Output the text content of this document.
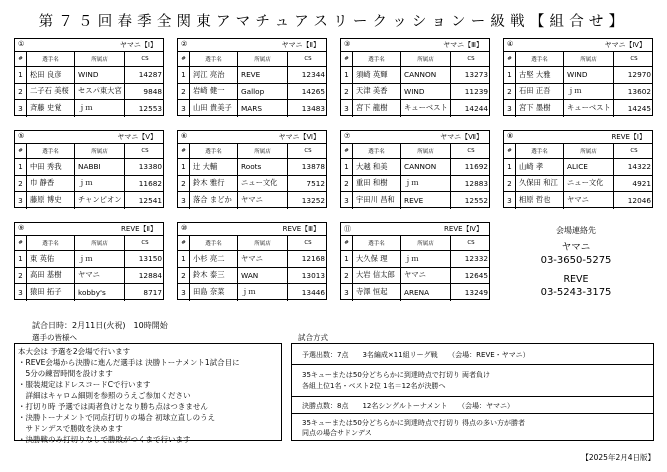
第７５回春季全関東アマチュアスリークッションー級戦【組合せ】
①	ヤマニ【Ⅰ】
#	選手名	所属店	CS
1 松田 良彦	WIND	14287
2 二子石 美桜	セスパ東大宮	9848
3 斉藤 史覚	ｊｍ	12553
②	ヤマニ【Ⅱ】
#	選手名	所属店	CS
1 河江 亮治	REVE	12344
2 岩崎 健一	Gallop	14265
3 山田 貴美子	MARS	13483
③	ヤマニ【Ⅲ】
#	選手名	所属店	CS
1 須崎 英輝	CANNON	13273
2 天津 美香	WIND	11239
3 宮下 龍樹	キューベスト	14244
④	ヤマニ【Ⅳ】
#	選手名	所属店	CS
1 古堅 大雅	WIND	12970
2 石田 正吾	ｊｍ	13602
3 宮下 墨樹	キューベスト	14245
⑤	ヤマニ【Ⅴ】
#	選手名	所属店	CS
1 中田 秀我	NABBI	13380
2 巾 静香	ｊｍ	11682
3 藤原 博史	チャンピオン	12541
⑥	ヤマニ【Ⅵ】
#	選手名	所属店	CS
1 辻 大輔	Roots	13878
2 鈴木 雅行	ニュー文化	7512
3 落合 まどか	ヤマニ	13252
⑦	ヤマニ【Ⅶ】
#	選手名	所属店	CS
1 大越 和美	CANNON	11692
2 重田 和樹	ｊｍ	12883
3 宇田川 昌和	REVE	12552
⑧	REVE【Ⅰ】
#	選手名	所属店	CS
1 山崎 孝	ALICE	14322
2 久保田 和江	ニュー文化	4921
3 相原 哲也	ヤマニ	12046
⑨	REVE【Ⅱ】
#	選手名	所属店	CS
1 東 英佑	ｊｍ	13150
2 高田 基樹	ヤマニ	12884
3 猿田 拓子	kobby's	8717
⑩	REVE【Ⅲ】
#	選手名	所属店	CS
1 小杉 亮二	ヤマニ	12168
2 鈴木 泰三	WAN	13013
3 田島 奈菜	ｊｍ	13446
⑪	REVE【Ⅳ】
#	選手名	所属店	CS
1 大久保 理	ｊｍ	12332
2 大岩 信太郎	ヤマニ	12645
3 寺澤 恒起	ARENA	13249
会場連絡先
ヤマニ
03-3650-5275
REVE
03-5243-3175
試合日時：2月11日(火祝)　10時開始
選手の皆様へ
本大会は 予選を2会場で行います
・REVE会場から決勝に進んだ選手は 決勝トーナメント1試合目に
　5分の練習時間を設けます
・服装規定はドレスコードCで行います
　詳細はキャロム細則を参照のうえご参加ください
・打切り時 予選では両者負けとなり勝ち点はつきません
・決勝トーナメントで同点打切りの場合 初球立直しのうえ
　サドンデスで勝敗を決めます
・決勝戦のみ打切りなしで勝敗がつくまで行います
試合方式
予選出数：7点　　3名編成×11組リーグ戦　　（会場：REVE・ヤマニ）
35キューまたは50分どちらかに到達時点で打切り 両者負け
各組上位1名・ベスト2位 1名＝12名が決勝へ
決勝点数：8点　　12名シングルトーナメント　　（会場：ヤマニ）
35キューまたは50分どちらかに到達時点で打切り 得点の多い方が勝者
同点の場合サドンデス
【2025年2月4日版】
